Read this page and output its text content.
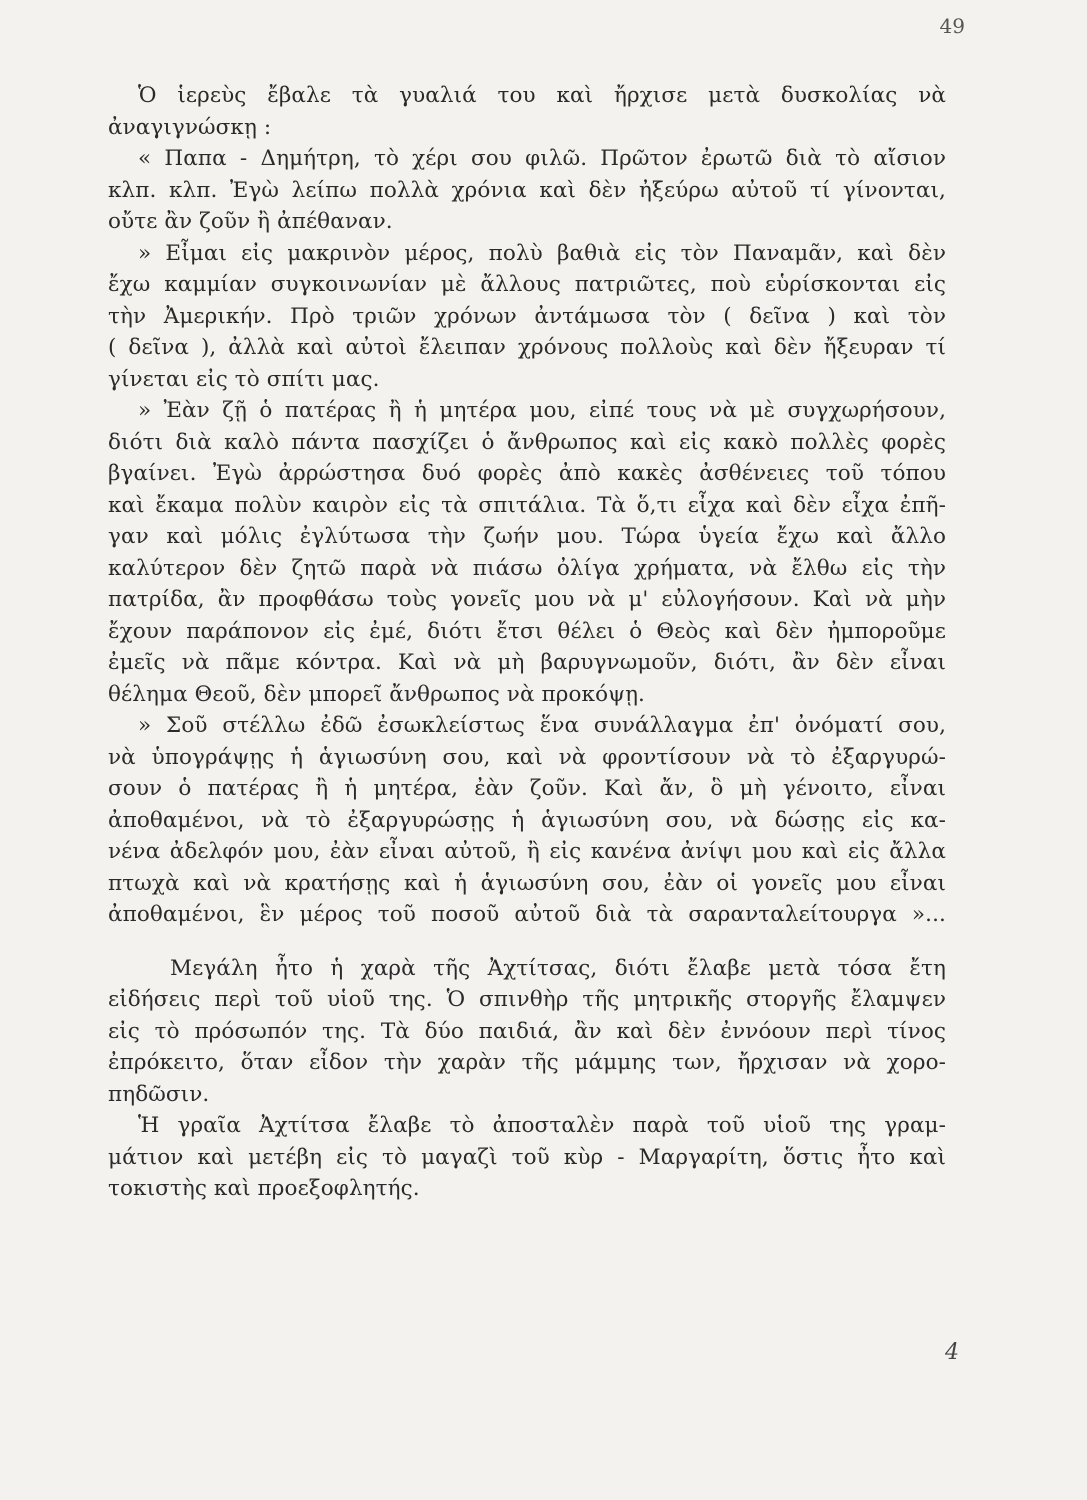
49
Ὁ ἱερεὺς ἔβαλε τὰ γυαλιά του καὶ ἤρχισε μετὰ δυσκολίας νὰ
ἀναγιγνώσκῃ :
« Παπα - Δημήτρη, τὸ χέρι σου φιλῶ. Πρῶτον ἐρωτῶ διὰ τὸ αἴσιον
κλπ. κλπ. Ἐγὼ λείπω πολλὰ χρόνια καὶ δὲν ἠξεύρω αὐτοῦ τί γίνονται,
οὔτε ἂν ζοῦν ἢ ἀπέθαναν.
» Εἶμαι εἰς μακρινὸν μέρος, πολὺ βαθιὰ εἰς τὸν Παναμᾶν, καὶ δὲν
ἔχω καμμίαν συγκοινωνίαν μὲ ἄλλους πατριῶτες, ποὺ εὑρίσκονται εἰς
τὴν Ἀμερικήν. Πρὸ τριῶν χρόνων ἀντάμωσα τὸν ( δεῖνα ) καὶ τὸν
( δεῖνα ), ἀλλὰ καὶ αὐτοὶ ἔλειπαν χρόνους πολλοὺς καὶ δὲν ἤξευραν τί
γίνεται εἰς τὸ σπίτι μας.
» Ἐὰν ζῇ ὁ πατέρας ἢ ἡ μητέρα μου, εἰπέ τους νὰ μὲ συγχωρήσουν,
διότι διὰ καλὸ πάντα πασχίζει ὁ ἄνθρωπος καὶ εἰς κακὸ πολλὲς φορὲς
βγαίνει. Ἐγὼ ἀρρώστησα δυό φορὲς ἀπὸ κακὲς ἀσθένειες τοῦ τόπου
καὶ ἔκαμα πολὺν καιρὸν εἰς τὰ σπιτάλια. Τὰ ὅ,τι εἶχα καὶ δὲν εἶχα ἐπῆ-
γαν καὶ μόλις ἐγλύτωσα τὴν ζωήν μου. Τώρα ὑγεία ἔχω καὶ ἄλλο
καλύτερον δὲν ζητῶ παρὰ νὰ πιάσω ὀλίγα χρήματα, νὰ ἔλθω εἰς τὴν
πατρίδα, ἂν προφθάσω τοὺς γονεῖς μου νὰ μ' εὐλογήσουν. Καὶ νὰ μὴν
ἔχουν παράπονον εἰς ἐμέ, διότι ἔτσι θέλει ὁ Θεὸς καὶ δὲν ἠμποροῦμε
ἐμεῖς νὰ πᾶμε κόντρα. Καὶ νὰ μὴ βαρυγνωμοῦν, διότι, ἂν δὲν εἶναι
θέλημα Θεοῦ, δὲν μπορεῖ ἄνθρωπος νὰ προκόψῃ.
» Σοῦ στέλλω ἐδῶ ἐσωκλείστως ἕνα συνάλλαγμα ἐπ' ὀνόματί σου,
νὰ ὑπογράψῃς ἡ ἁγιωσύνη σου, καὶ νὰ φροντίσουν νὰ τὸ ἐξαργυρώ-
σουν ὁ πατέρας ἢ ἡ μητέρα, ἐὰν ζοῦν. Καὶ ἄν, ὃ μὴ γένοιτο, εἶναι
ἀποθαμένοι, νὰ τὸ ἐξαργυρώσῃς ἡ ἁγιωσύνη σου, νὰ δώσῃς εἰς κα-
νένα ἀδελφόν μου, ἐὰν εἶναι αὐτοῦ, ἢ εἰς κανένα ἀνίψι μου καὶ εἰς ἄλλα
πτωχὰ καὶ νὰ κρατήσῃς καὶ ἡ ἁγιωσύνη σου, ἐὰν οἱ γονεῖς μου εἶναι
ἀποθαμένοι, ἓν μέρος τοῦ ποσοῦ αὐτοῦ διὰ τὰ σαρανταλείτουργα »...
Μεγάλη ἦτο ἡ χαρὰ τῆς Ἀχτίτσας, διότι ἔλαβε μετὰ τόσα ἔτη
εἰδήσεις περὶ τοῦ υἱοῦ της. Ὁ σπινθὴρ τῆς μητρικῆς στοργῆς ἔλαμψεν
εἰς τὸ πρόσωπόν της. Τὰ δύο παιδιά, ἂν καὶ δὲν ἐννόουν περὶ τίνος
ἐπρόκειτο, ὅταν εἶδον τὴν χαρὰν τῆς μάμμης των, ἤρχισαν νὰ χορο-
πηδῶσιν.
Ἡ γραῖα Ἀχτίτσα ἔλαβε τὸ ἀποσταλὲν παρὰ τοῦ υἱοῦ της γραμ-
μάτιον καὶ μετέβη εἰς τὸ μαγαζὶ τοῦ κὺρ - Μαργαρίτη, ὅστις ἦτο καὶ
τοκιστὴς καὶ προεξοφλητής.
4
